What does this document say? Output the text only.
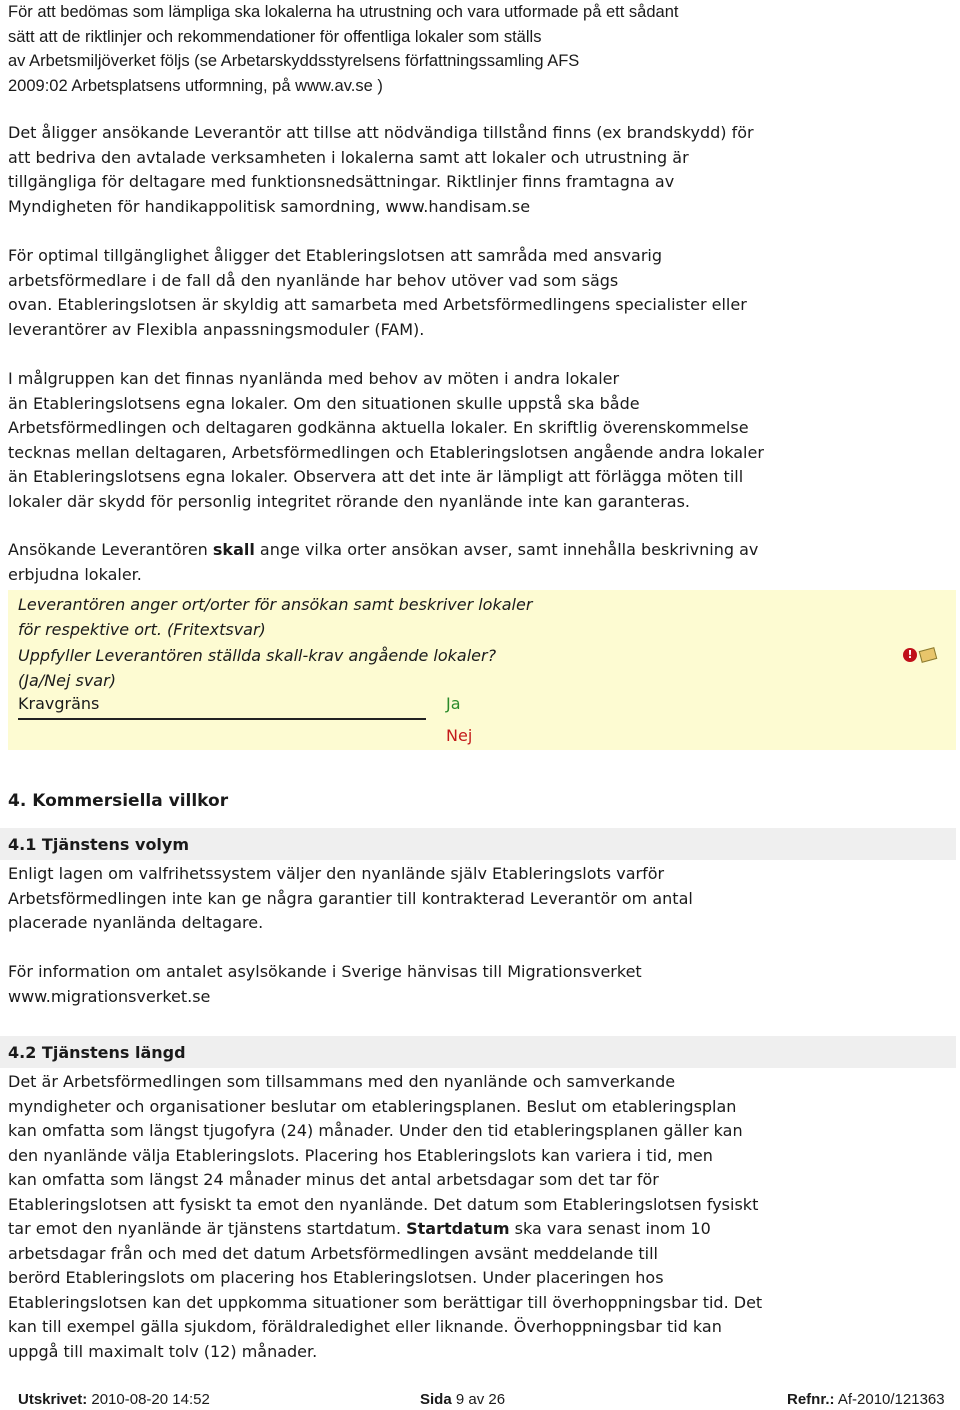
För att bedömas som lämpliga ska lokalerna ha utrustning och vara utformade på ett sådant
sätt att de riktlinjer och rekommendationer för offentliga lokaler som ställs
av Arbetsmiljöverket följs (se Arbetarskyddsstyrelsens författningssamling AFS
2009:02 Arbetsplatsens utformning, på www.av.se )
Det åligger ansökande Leverantör att tillse att nödvändiga tillstånd finns (ex brandskydd) för
att bedriva den avtalade verksamheten i lokalerna samt att lokaler och utrustning är
tillgängliga för deltagare med funktionsnedsättningar. Riktlinjer finns framtagna av
Myndigheten för handikappolitisk samordning, www.handisam.se
För optimal tillgänglighet åligger det Etableringslotsen att samråda med ansvarig
arbetsförmedlare i de fall då den nyanlände har behov utöver vad som sägs
ovan. Etableringslotsen är skyldig att samarbeta med Arbetsförmedlingens specialister eller
leverantörer av Flexibla anpassningsmoduler (FAM).
I målgruppen kan det finnas nyanlända med behov av möten i andra lokaler
än Etableringslotsens egna lokaler. Om den situationen skulle uppstå ska både
Arbetsförmedlingen och deltagaren godkänna aktuella lokaler. En skriftlig överenskommelse
tecknas mellan deltagaren, Arbetsförmedlingen och Etableringslotsen angående andra lokaler
än Etableringslotsens egna lokaler. Observera att det inte är lämpligt att förlägga möten till
lokaler där skydd för personlig integritet rörande den nyanlände inte kan garanteras.
Ansökande Leverantören skall ange vilka orter ansökan avser, samt innehålla beskrivning av
erbjudna lokaler.
Leverantören anger ort/orter för ansökan samt beskriver lokaler
för respektive ort. (Fritextsvar)
Uppfyller Leverantören ställda skall-krav angående lokaler?
(Ja/Nej svar)
!
Kravgräns	Ja
Nej
4. Kommersiella villkor
4.1 Tjänstens volym
Enligt lagen om valfrihetssystem väljer den nyanlände själv Etableringslots varför
Arbetsförmedlingen inte kan ge några garantier till kontrakterad Leverantör om antal
placerade nyanlända deltagare.
För information om antalet asylsökande i Sverige hänvisas till Migrationsverket
www.migrationsverket.se
4.2 Tjänstens längd
Det är Arbetsförmedlingen som tillsammans med den nyanlände och samverkande
myndigheter och organisationer beslutar om etableringsplanen. Beslut om etableringsplan
kan omfatta som längst tjugofyra (24) månader. Under den tid etableringsplanen gäller kan
den nyanlände välja Etableringslots. Placering hos Etableringslots kan variera i tid, men
kan omfatta som längst 24 månader minus det antal arbetsdagar som det tar för
Etableringslotsen att fysiskt ta emot den nyanlände. Det datum som Etableringslotsen fysiskt
tar emot den nyanlände är tjänstens startdatum. Startdatum ska vara senast inom 10
arbetsdagar från och med det datum Arbetsförmedlingen avsänt meddelande till
berörd Etableringslots om placering hos Etableringslotsen. Under placeringen hos
Etableringslotsen kan det uppkomma situationer som berättigar till överhoppningsbar tid. Det
kan till exempel gälla sjukdom, föräldraledighet eller liknande. Överhoppningsbar tid kan
uppgå till maximalt tolv (12) månader.
Utskrivet: 2010-08-20 14:52	Sida 9 av 26	Refnr.: Af-2010/121363
